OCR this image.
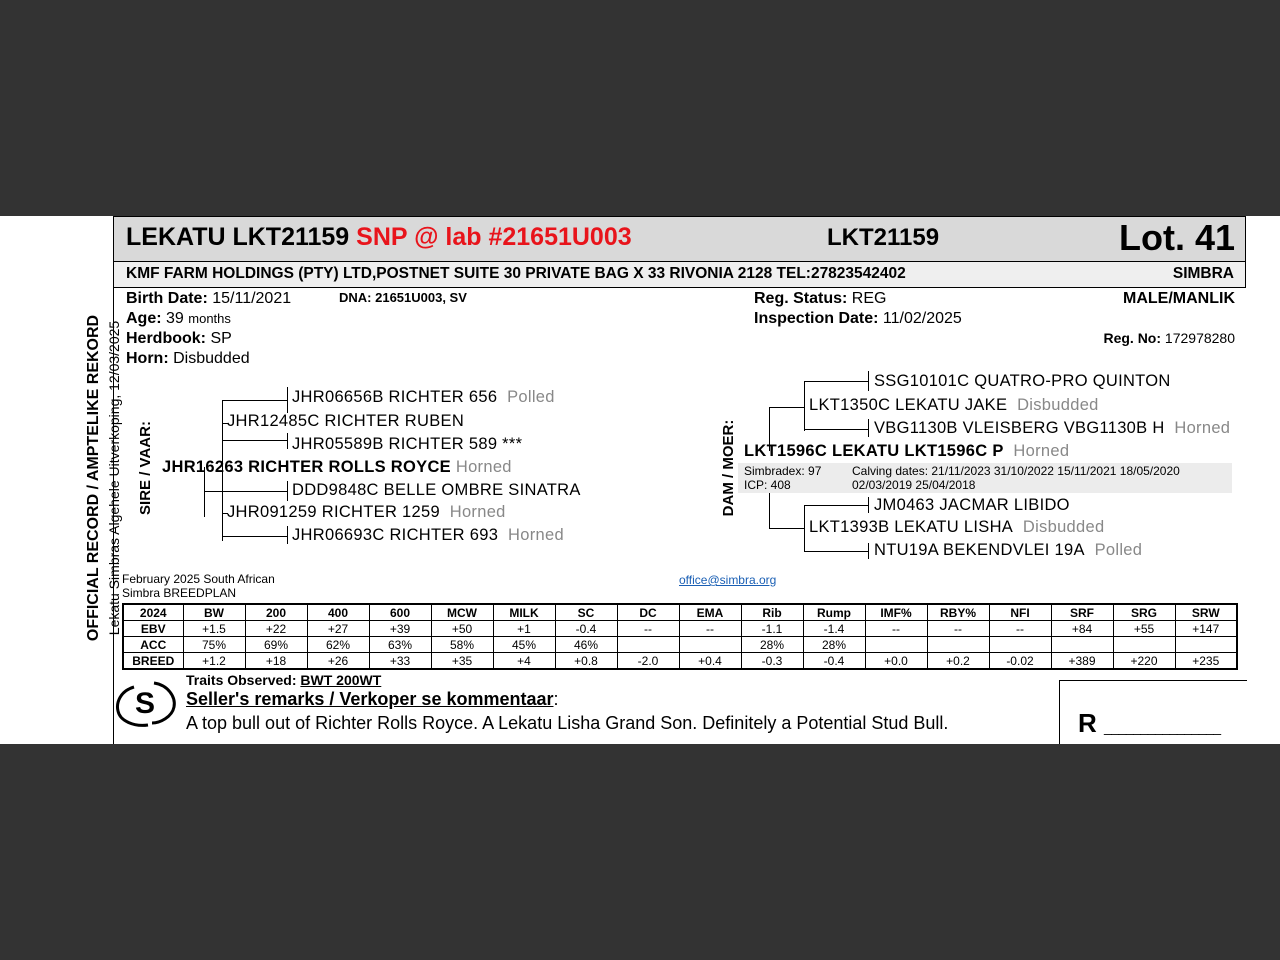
OFFICIAL RECORD / AMPTELIKE REKORD Lekatu Simbras Algehele Uitverkoping, 12/03/2025
LEKATU LKT21159 SNP @ lab #21651U003	LKT21159	Lot. 41
KMF FARM HOLDINGS (PTY) LTD,POSTNET SUITE 30 PRIVATE BAG X 33 RIVONIA 2128 TEL:27823542402	SIMBRA
Birth Date: 15/11/2021	DNA: 21651U003, SV
Age: 39 months
Herdbook: SP
Horn: Disbudded
Reg. Status: REG
Inspection Date: 11/02/2025
MALE/MANLIK
Reg. No: 172978280
SIRE / VAAR:
JHR06656B RICHTER 656 Polled
JHR12485C RICHTER RUBEN
JHR05589B RICHTER 589 ***
JHR16263 RICHTER ROLLS ROYCE Horned
DDD9848C BELLE OMBRE SINATRA
JHR091259 RICHTER 1259 Horned
JHR06693C RICHTER 693 Horned
DAM / MOER:
SSG10101C QUATRO-PRO QUINTON
LKT1350C LEKATU JAKE Disbudded
VBG1130B VLEISBERG VBG1130B H Horned
LKT1596C LEKATU LKT1596C P Horned
Simbradex: 97
ICP: 408
Calving dates: 21/11/2023 31/10/2022 15/11/2021 18/05/2020
02/03/2019 25/04/2018
JM0463 JACMAR LIBIDO
LKT1393B LEKATU LISHA Disbudded
NTU19A BEKENDVLEI 19A Polled
February 2025 South African
Simbra BREEDPLAN
office@simbra.org
2024	BW	200	400	600	MCW	MILK	SC	DC	EMA	Rib	Rump	IMF%	RBY%	NFI	SRF	SRG	SRW
EBV	+1.5	+22	+27	+39	+50	+1	-0.4	--	--	-1.1	-1.4	--	--	--	+84	+55	+147
ACC	75%	69%	62%	63%	58%	45%	46%			28%	28%						
BREED	+1.2	+18	+26	+33	+35	+4	+0.8	-2.0	+0.4	-0.3	-0.4	+0.0	+0.2	-0.02	+389	+220	+235
S
Traits Observed: BWT 200WT
Seller's remarks / Verkoper se kommentaar:
A top bull out of Richter Rolls Royce. A Lekatu Lisha Grand Son. Definitely a Potential Stud Bull.	R ________________
